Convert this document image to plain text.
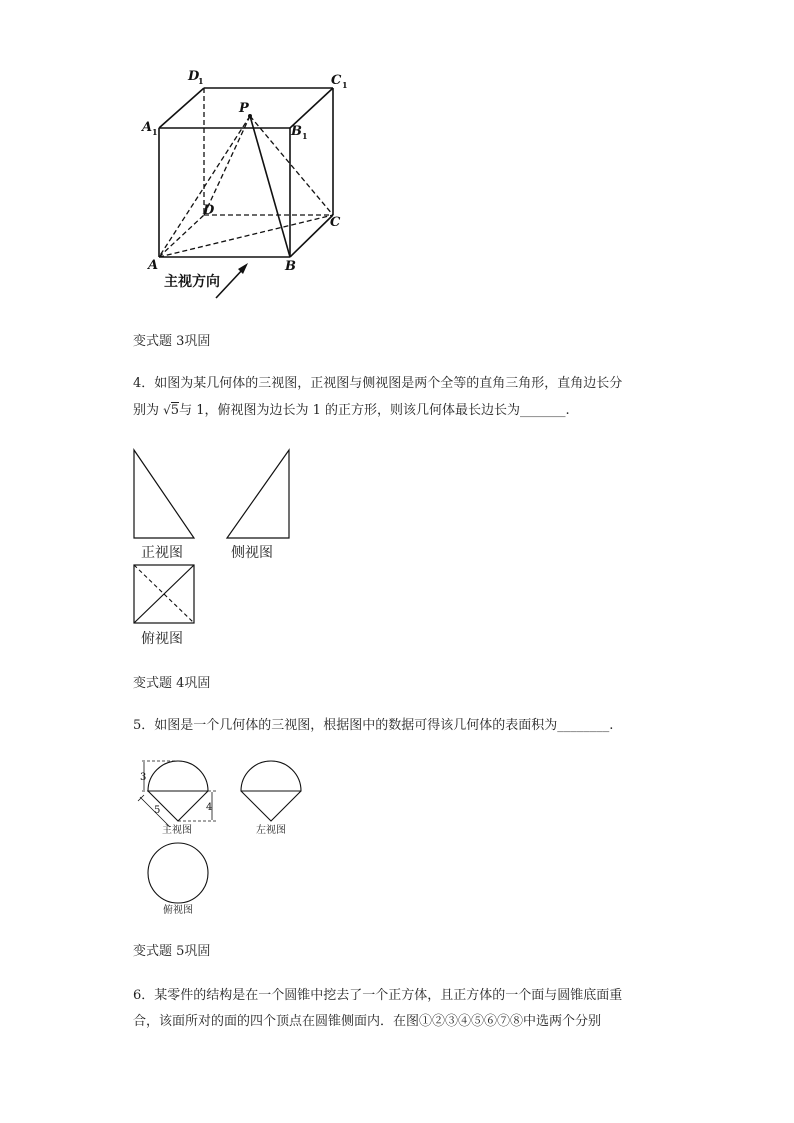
D
1	C 1
A 1	B 1
P
D
C
A	B
主视方向
变式题 3巩固
4．如图为某几何体的三视图，正视图与侧视图是两个全等的直角三角形，直角边长分
别为 √5与 1，俯视图为边长为 1 的正方形，则该几何体最长边长为_______.
正视图	侧视图
俯视图
变式题 4巩固
5．如图是一个几何体的三视图，根据图中的数据可得该几何体的表面积为________.
3
4
5
主视图	左视图
俯视图
变式题 5巩固
6．某零件的结构是在一个圆锥中挖去了一个正方体，且正方体的一个面与圆锥底面重
合，该面所对的面的四个顶点在圆锥侧面内．在图①②③④⑤⑥⑦⑧中选两个分别
